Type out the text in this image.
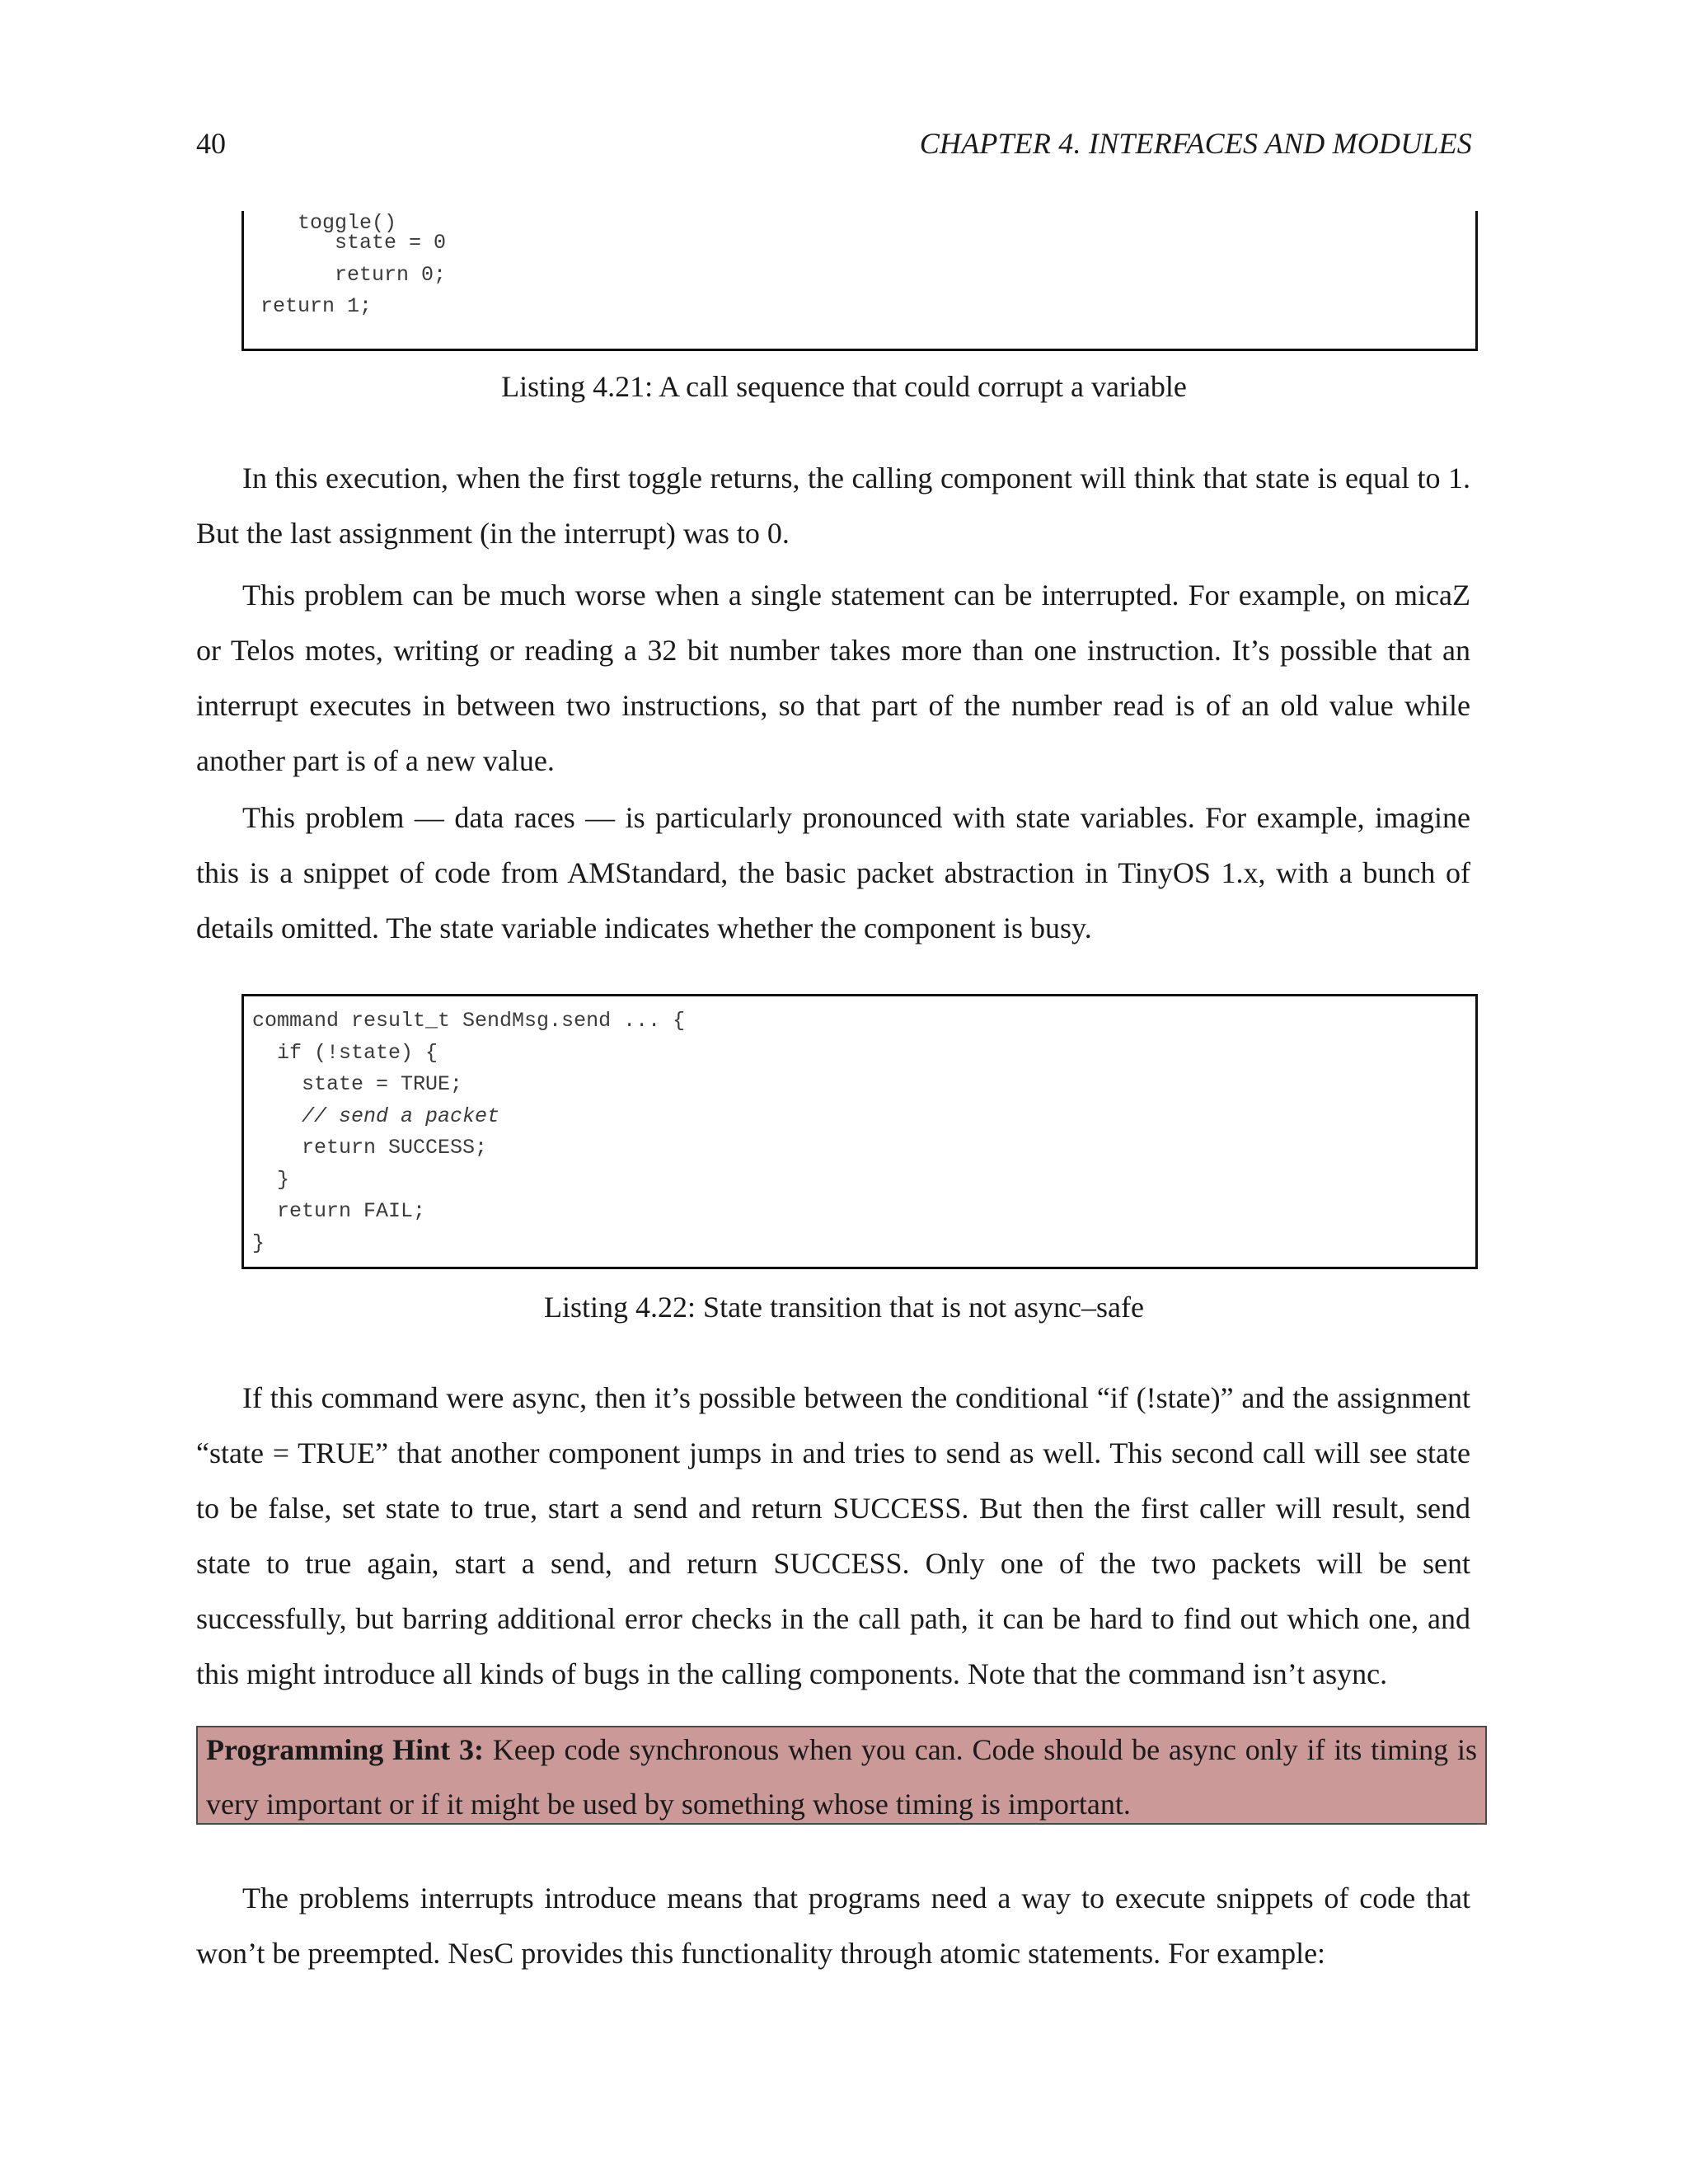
40	CHAPTER 4. INTERFACES AND MODULES
toggle()
state = 0
return 0;
return 1;
Listing 4.21: A call sequence that could corrupt a variable

In this execution, when the first toggle returns, the calling component will think that state is equal to 1. But the last assignment (in the interrupt) was to 0.

This problem can be much worse when a single statement can be interrupted. For example, on micaZ or Telos motes, writing or reading a 32 bit number takes more than one instruction. It’s possible that an interrupt executes in between two instructions, so that part of the number read is of an old value while another part is of a new value.

This problem — data races — is particularly pronounced with state variables. For example, imagine this is a snippet of code from AMStandard, the basic packet abstraction in TinyOS 1.x, with a bunch of details omitted. The state variable indicates whether the component is busy.

command result_t SendMsg.send ... {
if (!state) {
state = TRUE;
// send a packet
return SUCCESS;
}
return FAIL;
}
Listing 4.22: State transition that is not async–safe

If this command were async, then it’s possible between the conditional “if (!state)” and the assignment “state = TRUE” that another component jumps in and tries to send as well. This second call will see state to be false, set state to true, start a send and return SUCCESS. But then the first caller will result, send state to true again, start a send, and return SUCCESS. Only one of the two packets will be sent successfully, but barring additional error checks in the call path, it can be hard to find out which one, and this might introduce all kinds of bugs in the calling components. Note that the command isn’t async.

Programming Hint 3: Keep code synchronous when you can. Code should be async only if its timing is very important or if it might be used by something whose timing is important.

The problems interrupts introduce means that programs need a way to execute snippets of code that won’t be preempted. NesC provides this functionality through atomic statements. For example:
